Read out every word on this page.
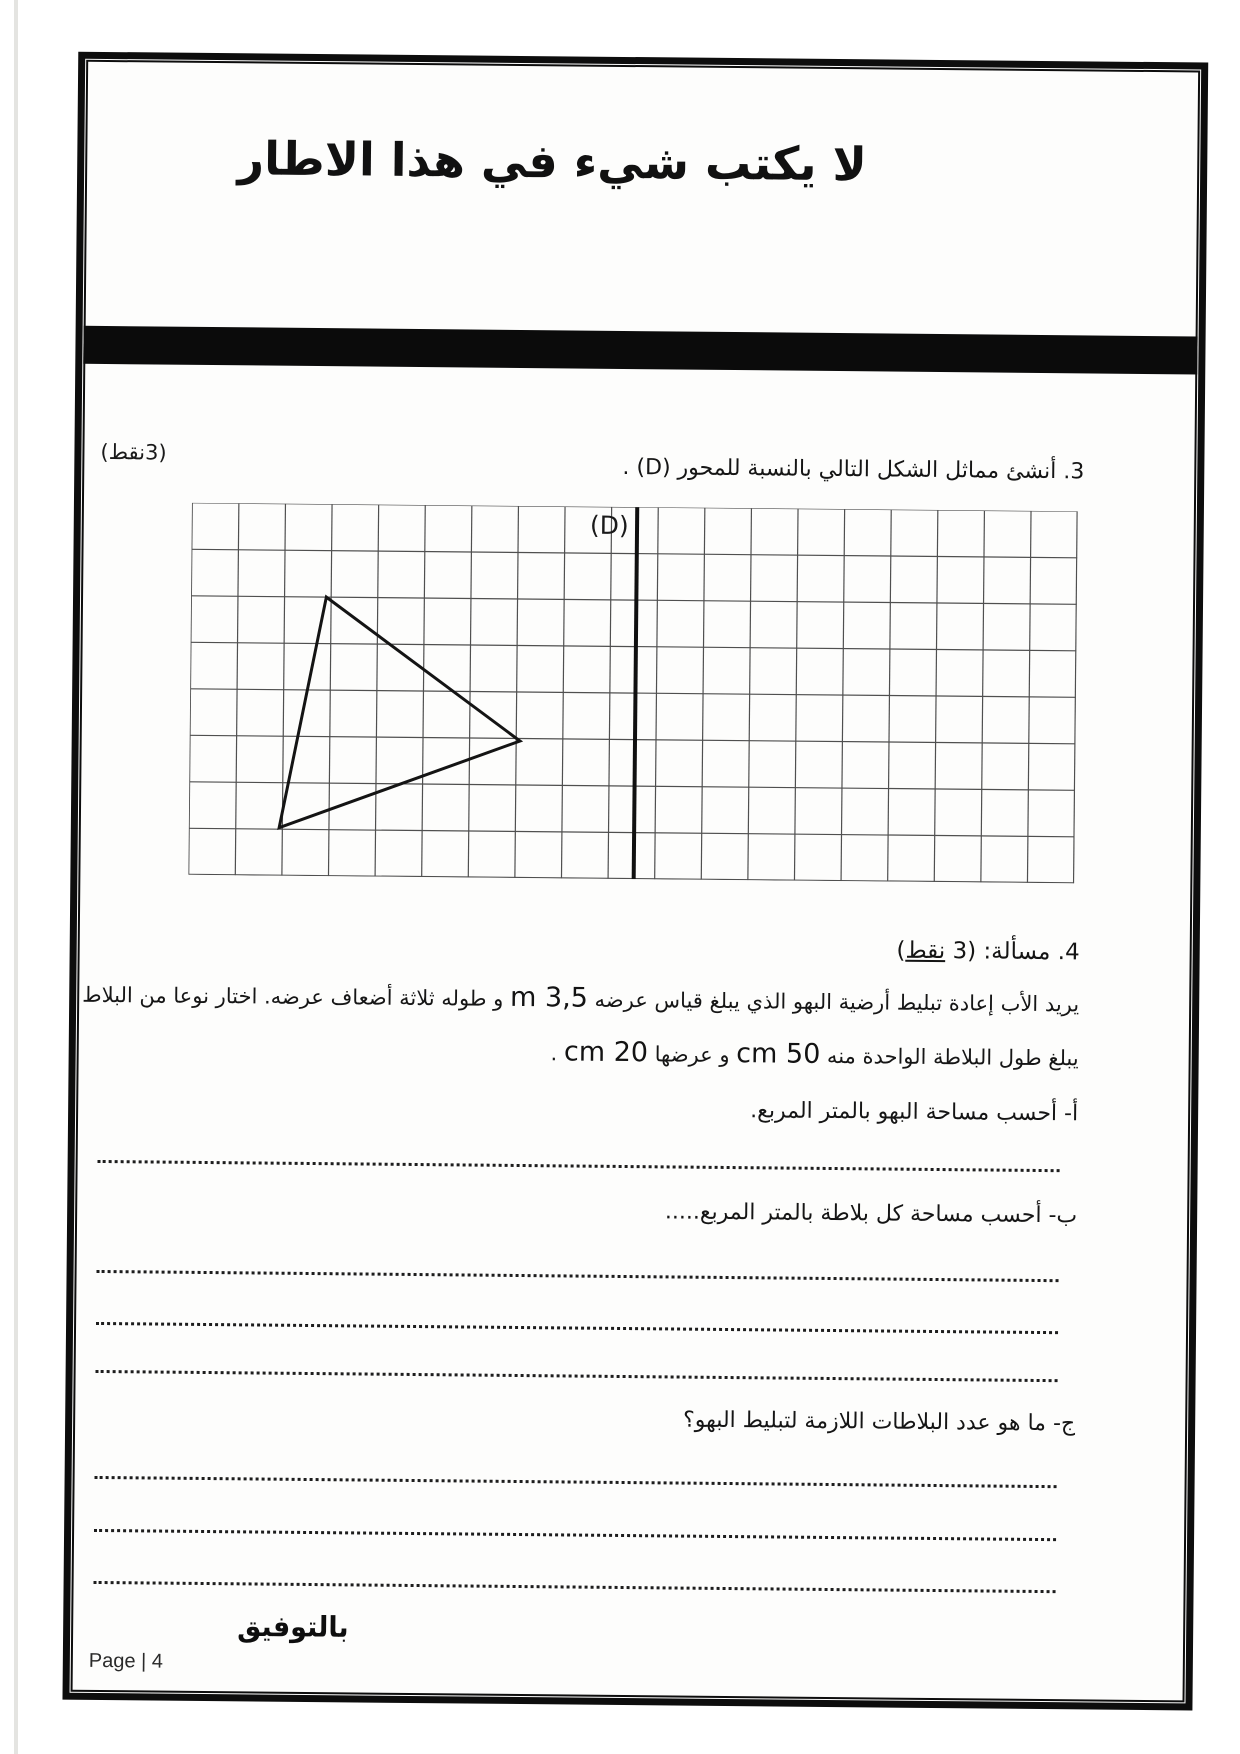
لا يكتب شيء في هذا الاطار
(3نقط)
3. أنشئ مماثل الشكل التالي بالنسبة للمحور (D) .
(D)
4. مسألة: (3 نقط)
يريد الأب إعادة تبليط أرضية البهو الذي يبلغ قياس عرضه 3,5 m و طوله ثلاثة أضعاف عرضه. اختار نوعا من البلاط
يبلغ طول البلاطة الواحدة منه 50 cm و عرضها 20 cm .
أ- أحسب مساحة البهو بالمتر المربع.
ب- أحسب مساحة كل بلاطة بالمتر المربع.....
ج- ما هو عدد البلاطات اللازمة لتبليط البهو؟
بالتوفيق
Page | 4
